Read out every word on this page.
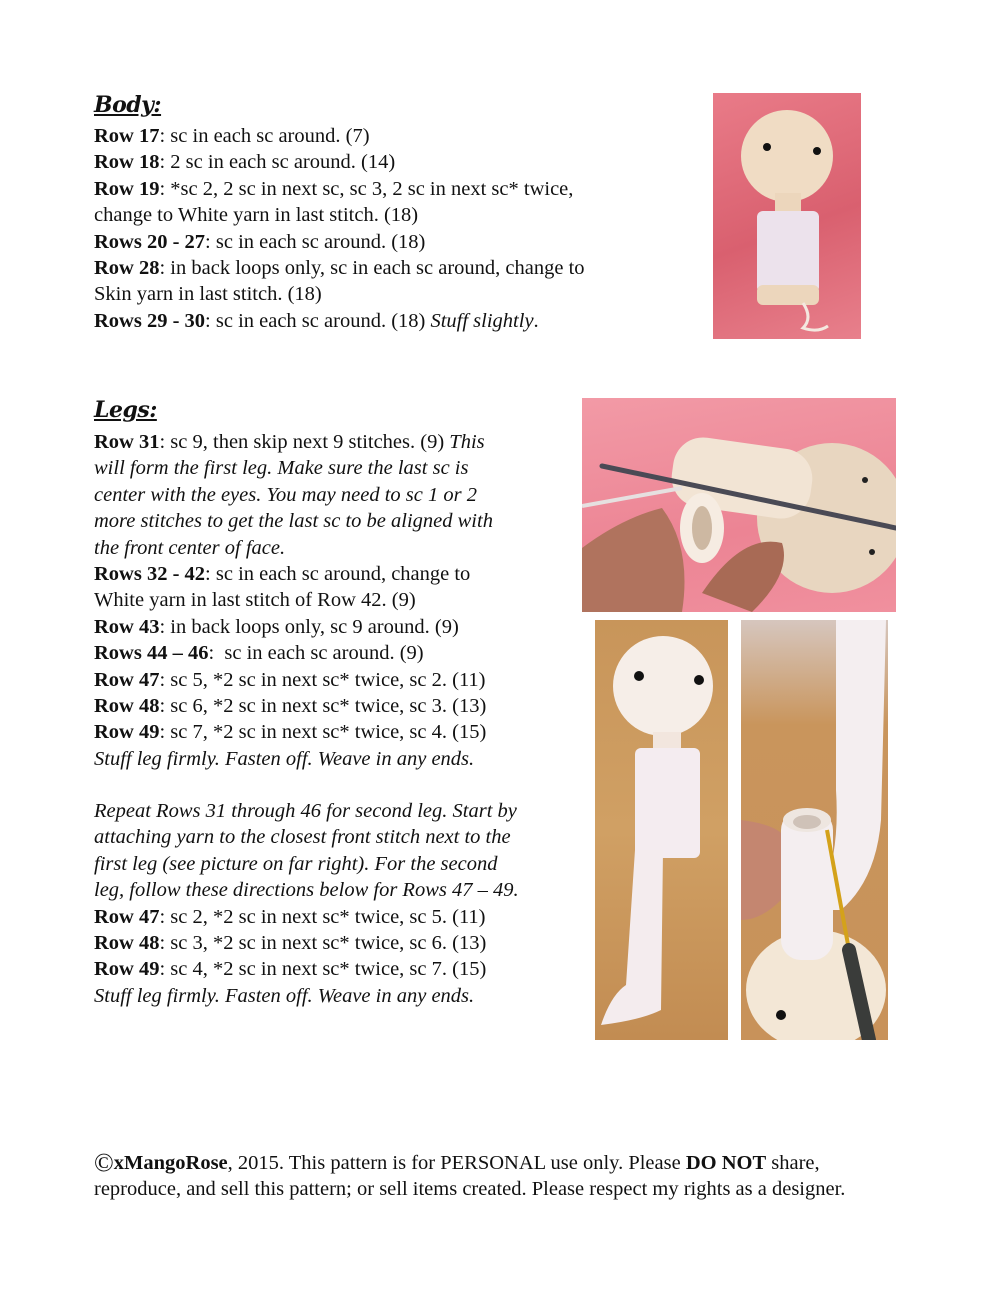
Body:
Row 17: sc in each sc around. (7)
Row 18: 2 sc in each sc around. (14)
Row 19: *sc 2, 2 sc in next sc, sc 3, 2 sc in next sc* twice,
change to White yarn in last stitch. (18)
Rows 20 - 27: sc in each sc around. (18)
Row 28: in back loops only, sc in each sc around, change to
Skin yarn in last stitch. (18)
Rows 29 - 30: sc in each sc around. (18) Stuff slightly.
Legs:
Row 31: sc 9, then skip next 9 stitches. (9) This
will form the first leg. Make sure the last sc is
center with the eyes. You may need to sc 1 or 2
more stitches to get the last sc to be aligned with
the front center of face.
Rows 32 - 42: sc in each sc around, change to
White yarn in last stitch of Row 42. (9)
Row 43: in back loops only, sc 9 around. (9)
Rows 44 – 46:  sc in each sc around. (9)
Row 47: sc 5, *2 sc in next sc* twice, sc 2. (11)
Row 48: sc 6, *2 sc in next sc* twice, sc 3. (13)
Row 49: sc 7, *2 sc in next sc* twice, sc 4. (15)
Stuff leg firmly. Fasten off. Weave in any ends.
Repeat Rows 31 through 46 for second leg. Start by
attaching yarn to the closest front stitch next to the
first leg (see picture on far right). For the second
leg, follow these directions below for Rows 47 – 49.
Row 47: sc 2, *2 sc in next sc* twice, sc 5. (11)
Row 48: sc 3, *2 sc in next sc* twice, sc 6. (13)
Row 49: sc 4, *2 sc in next sc* twice, sc 7. (15)
Stuff leg firmly. Fasten off. Weave in any ends.
©xMangoRose, 2015. This pattern is for PERSONAL use only. Please DO NOT share,
reproduce, and sell this pattern; or sell items created. Please respect my rights as a designer.
